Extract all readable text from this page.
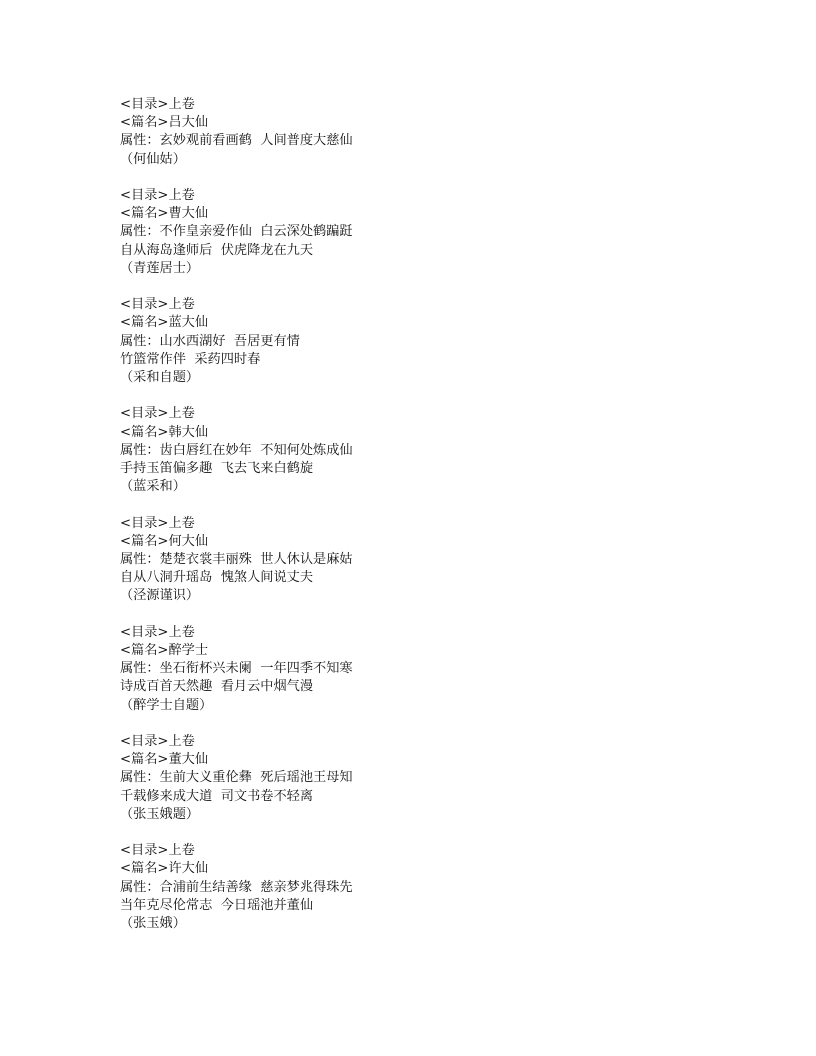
<目录>上卷
<篇名>吕大仙
属性：玄妙观前看画鹤  人间普度大慈仙
（何仙姑）
<目录>上卷
<篇名>曹大仙
属性：不作皇亲爱作仙  白云深处鹤蹁跹
自从海岛逢师后  伏虎降龙在九天
（青莲居士）
<目录>上卷
<篇名>蓝大仙
属性：山水西湖好  吾居更有情
竹篮常作伴  采药四时春
（采和自题）
<目录>上卷
<篇名>韩大仙
属性：齿白唇红在妙年  不知何处炼成仙
手持玉笛偏多趣  飞去飞来白鹤旋
（蓝采和）
<目录>上卷
<篇名>何大仙
属性：楚楚衣裳丰丽殊  世人休认是麻姑
自从八洞升瑶岛  愧煞人间说丈夫
（泾源谨识）
<目录>上卷
<篇名>醉学士
属性：坐石衔杯兴未阑  一年四季不知寒
诗成百首天然趣  看月云中烟气漫
（醉学士自题）
<目录>上卷
<篇名>董大仙
属性：生前大义重伦彝  死后瑶池王母知
千载修来成大道  司文书卷不轻离
（张玉娥题）
<目录>上卷
<篇名>许大仙
属性：合浦前生结善缘  慈亲梦兆得珠先
当年克尽伦常志  今日瑶池并董仙
（张玉娥）
